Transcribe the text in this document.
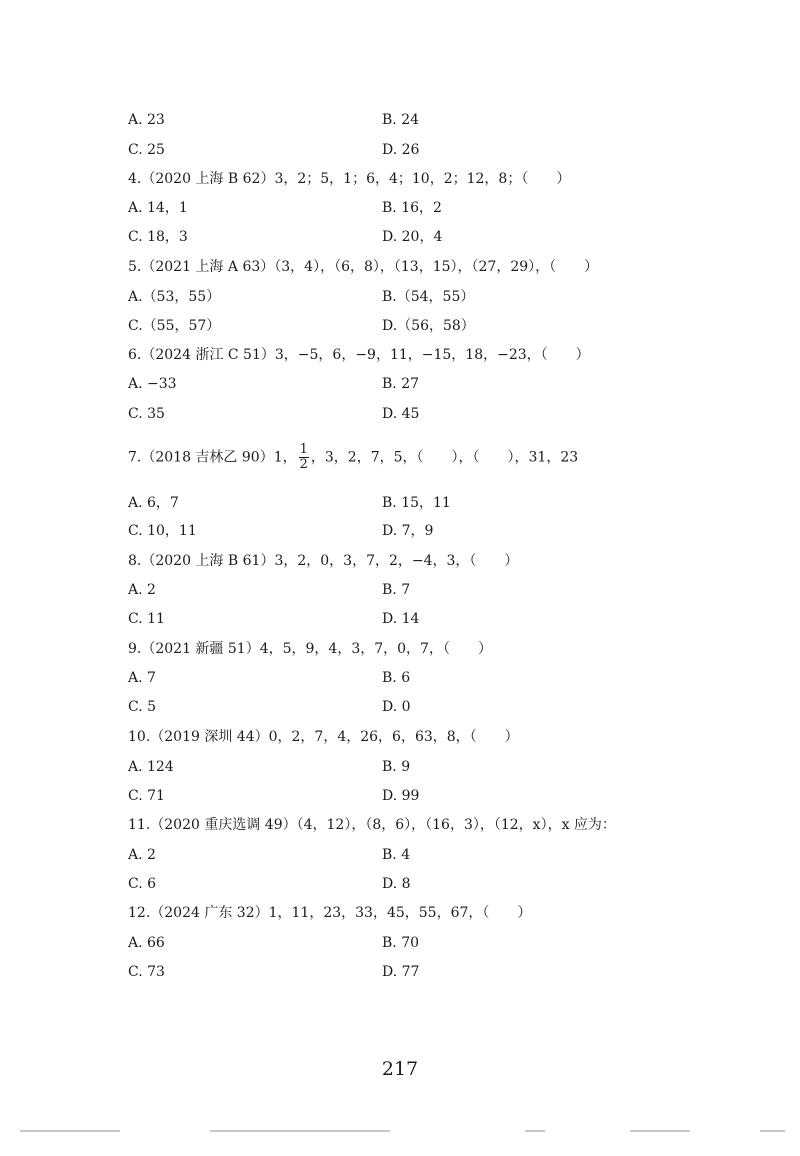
A. 23	B. 24
C. 25	D. 26
4.（2020 上海 B 62）3，2；5，1；6，4；10，2；12，8；（　　）
A. 14，1	B. 16，2
C. 18，3	D. 20，4
5.（2021 上海 A 63）（3，4），（6，8），（13，15），（27，29），（　　）
A.（53，55）	B.（54，55）
C.（55，57）	D.（56，58）
6.（2024 浙江 C 51）3，−5，6，−9，11，−15，18，−23，（　　）
A. −33	B. 27
C. 35	D. 45
7.（2018 吉林乙 90）1， $\frac{1}{2}$ ，3，2，7，5，（　　），（　　），31，23
A. 6，7	B. 15，11
C. 10，11	D. 7，9
8.（2020 上海 B 61）3，2，0，3，7，2，−4，3，（　　）
A. 2	B. 7
C. 11	D. 14
9.（2021 新疆 51）4，5，9，4，3，7，0，7，（　　）
A. 7	B. 6
C. 5	D. 0
10.（2019 深圳 44）0，2，7，4，26，6，63，8，（　　）
A. 124	B. 9
C. 71	D. 99
11.（2020 重庆选调 49）（4，12），（8，6），（16，3），（12，x），x 应为：
A. 2	B. 4
C. 6	D. 8
12.（2024 广东 32）1，11，23，33，45，55，67，（　　）
A. 66	B. 70
C. 73	D. 77
217
